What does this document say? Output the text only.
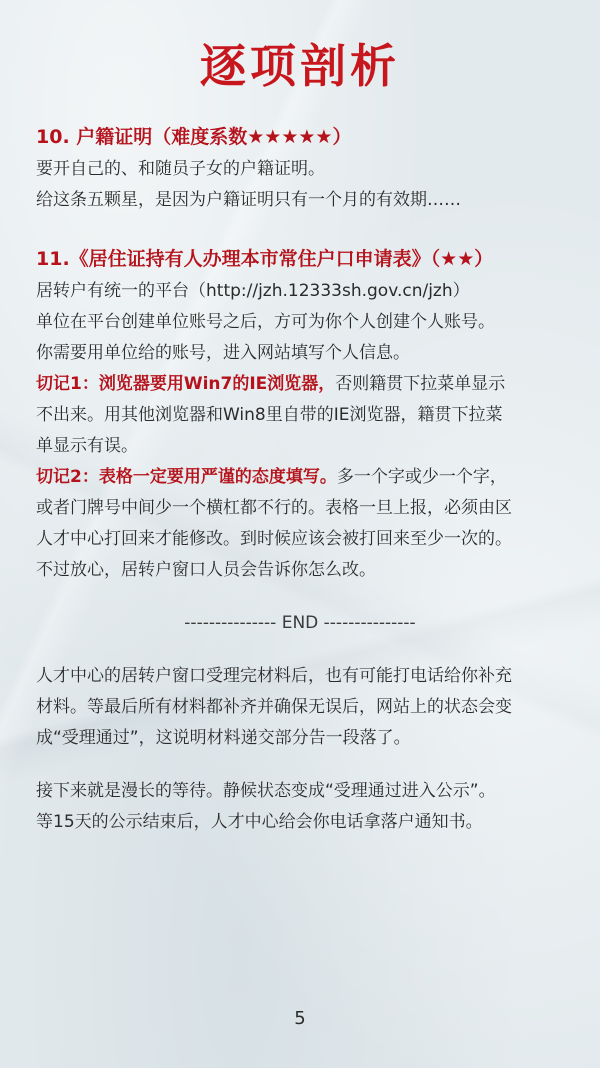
逐项剖析
10. 户籍证明（难度系数★★★★★）
要开自己的、和随员子女的户籍证明。
给这条五颗星，是因为户籍证明只有一个月的有效期……
11.《居住证持有人办理本市常住户口申请表》（★★）
居转户有统一的平台（http://jzh.12333sh.gov.cn/jzh）
单位在平台创建单位账号之后，方可为你个人创建个人账号。
你需要用单位给的账号，进入网站填写个人信息。
切记1：浏览器要用Win7的IE浏览器，否则籍贯下拉菜单显示
不出来。用其他浏览器和Win8里自带的IE浏览器，籍贯下拉菜
单显示有误。
切记2：表格一定要用严谨的态度填写。多一个字或少一个字，
或者门牌号中间少一个横杠都不行的。表格一旦上报，必须由区
人才中心打回来才能修改。到时候应该会被打回来至少一次的。
不过放心，居转户窗口人员会告诉你怎么改。
--------------- END ---------------
人才中心的居转户窗口受理完材料后，也有可能打电话给你补充
材料。等最后所有材料都补齐并确保无误后，网站上的状态会变
成“受理通过”，这说明材料递交部分告一段落了。
接下来就是漫长的等待。静候状态变成“受理通过进入公示”。
等15天的公示结束后，人才中心给会你电话拿落户通知书。
5
